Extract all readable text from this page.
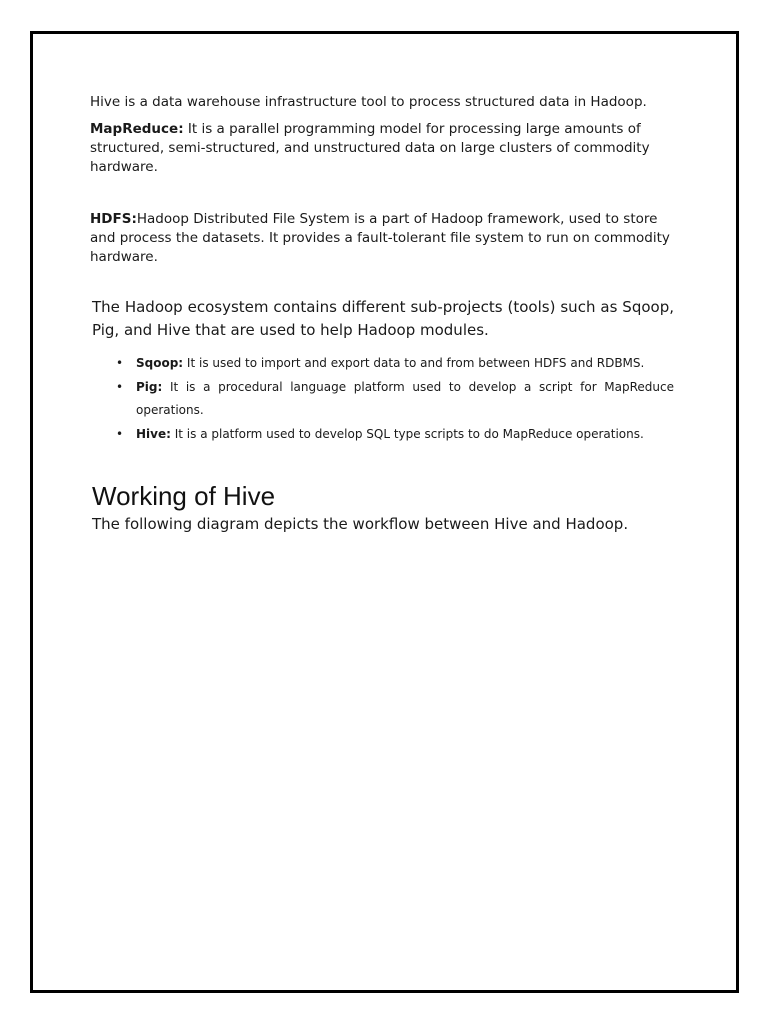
Hive is a data warehouse infrastructure tool to process structured data in Hadoop.

MapReduce: It is a parallel programming model for processing large amounts of structured, semi-structured, and unstructured data on large clusters of commodity hardware.

HDFS:Hadoop Distributed File System is a part of Hadoop framework, used to store and process the datasets. It provides a fault-tolerant file system to run on commodity hardware.

The Hadoop ecosystem contains different sub-projects (tools) such as Sqoop, Pig, and Hive that are used to help Hadoop modules.

• Sqoop: It is used to import and export data to and from between HDFS and RDBMS.
• Pig: It is a procedural language platform used to develop a script for MapReduce operations.
• Hive: It is a platform used to develop SQL type scripts to do MapReduce operations.
Working of Hive

The following diagram depicts the workflow between Hive and Hadoop.
